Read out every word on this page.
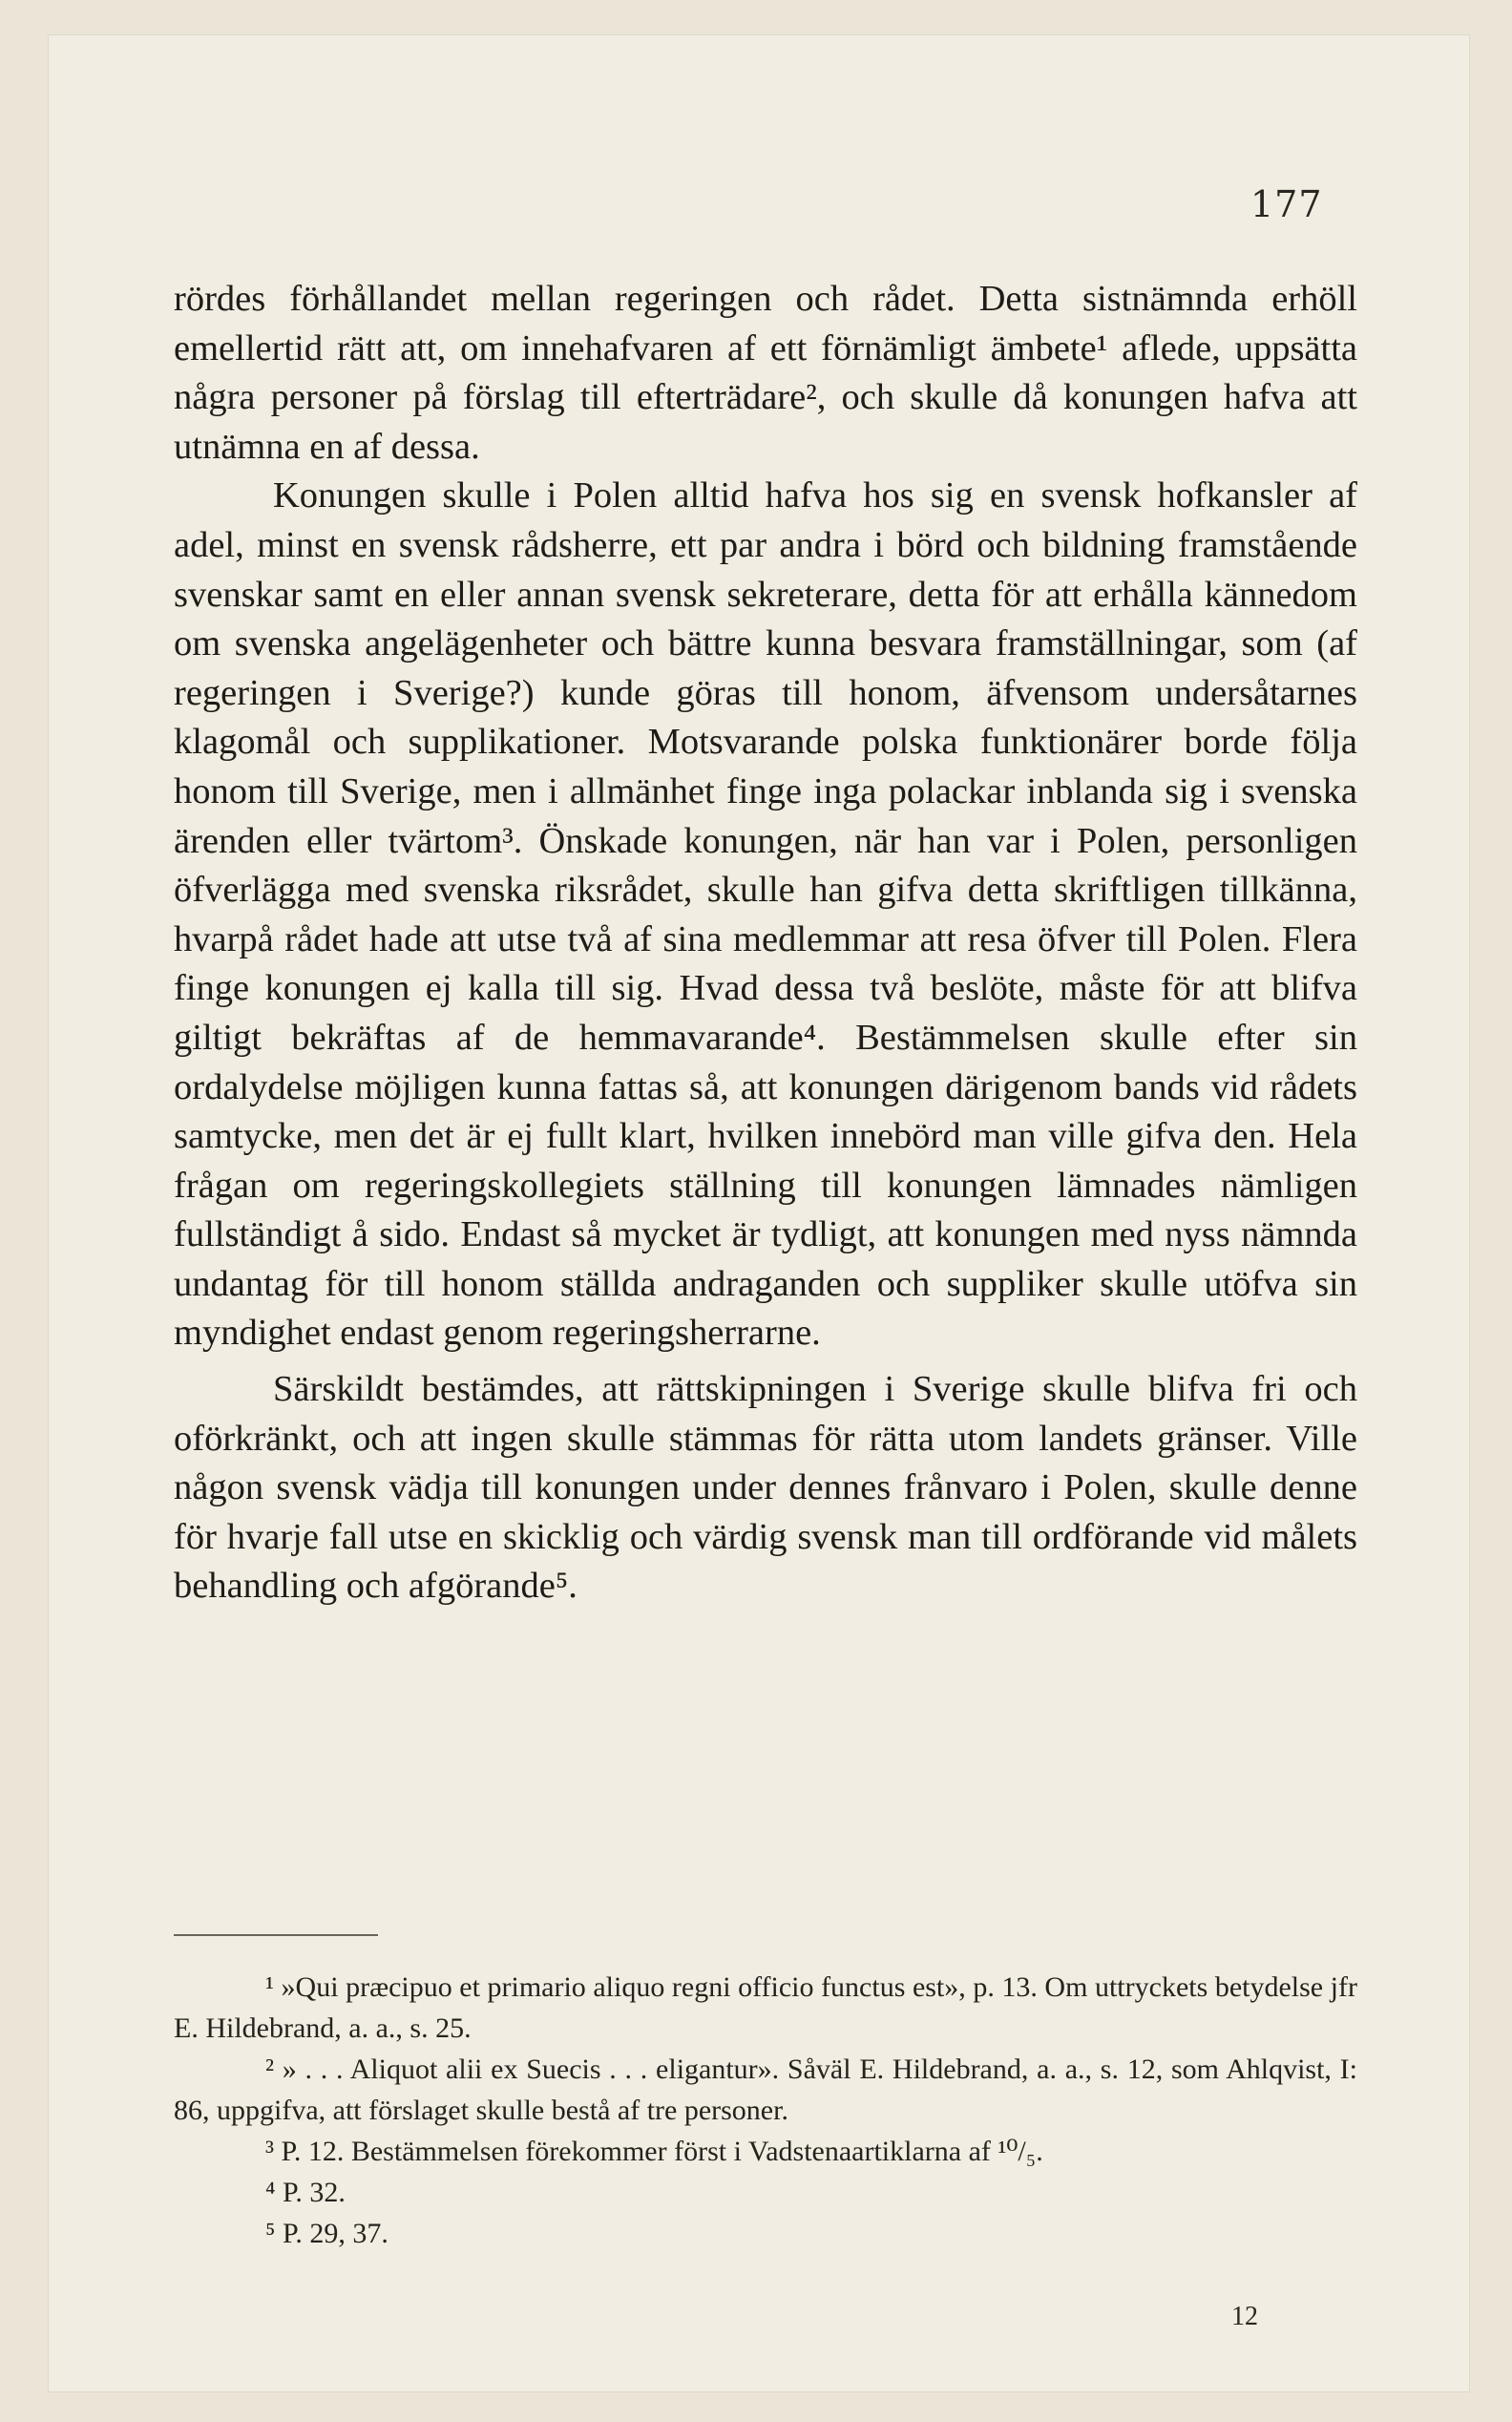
177

rördes förhållandet mellan regeringen och rådet. Detta sistnämnda erhöll emellertid rätt att, om innehafvaren af ett förnämligt ämbete¹ aflede, uppsätta några personer på förslag till efterträdare², och skulle då konungen hafva att utnämna en af dessa.

Konungen skulle i Polen alltid hafva hos sig en svensk hofkansler af adel, minst en svensk rådsherre, ett par andra i börd och bildning framstående svenskar samt en eller annan svensk sekreterare, detta för att erhålla kännedom om svenska angelägenheter och bättre kunna besvara framställningar, som (af regeringen i Sverige?) kunde göras till honom, äfvensom undersåtarnes klagomål och supplikationer. Motsvarande polska funktionärer borde följa honom till Sverige, men i allmänhet finge inga polackar inblanda sig i svenska ärenden eller tvärtom³. Önskade konungen, när han var i Polen, personligen öfverlägga med svenska riksrådet, skulle han gifva detta skriftligen tillkänna, hvarpå rådet hade att utse två af sina medlemmar att resa öfver till Polen. Flera finge konungen ej kalla till sig. Hvad dessa två beslöte, måste för att blifva giltigt bekräftas af de hemmavarande⁴. Bestämmelsen skulle efter sin ordalydelse möjligen kunna fattas så, att konungen därigenom bands vid rådets samtycke, men det är ej fullt klart, hvilken innebörd man ville gifva den. Hela frågan om regeringskollegiets ställning till konungen lämnades nämligen fullständigt å sido. Endast så mycket är tydligt, att konungen med nyss nämnda undantag för till honom ställda andraganden och suppliker skulle utöfva sin myndighet endast genom regeringsherrarne.

Särskildt bestämdes, att rättskipningen i Sverige skulle blifva fri och oförkränkt, och att ingen skulle stämmas för rätta utom landets gränser. Ville någon svensk vädja till konungen under dennes frånvaro i Polen, skulle denne för hvarje fall utse en skicklig och värdig svensk man till ordförande vid målets behandling och afgörande⁵.

¹ »Qui præcipuo et primario aliquo regni officio functus est», p. 13. Om uttryckets betydelse jfr E. Hildebrand, a. a., s. 25.

² » . . . Aliquot alii ex Suecis . . . eligantur». Såväl E. Hildebrand, a. a., s. 12, som Ahlqvist, I: 86, uppgifva, att förslaget skulle bestå af tre personer.

³ P. 12. Bestämmelsen förekommer först i Vadstenaartiklarna af ¹⁰/₅.

⁴ P. 32.

⁵ P. 29, 37.

12
